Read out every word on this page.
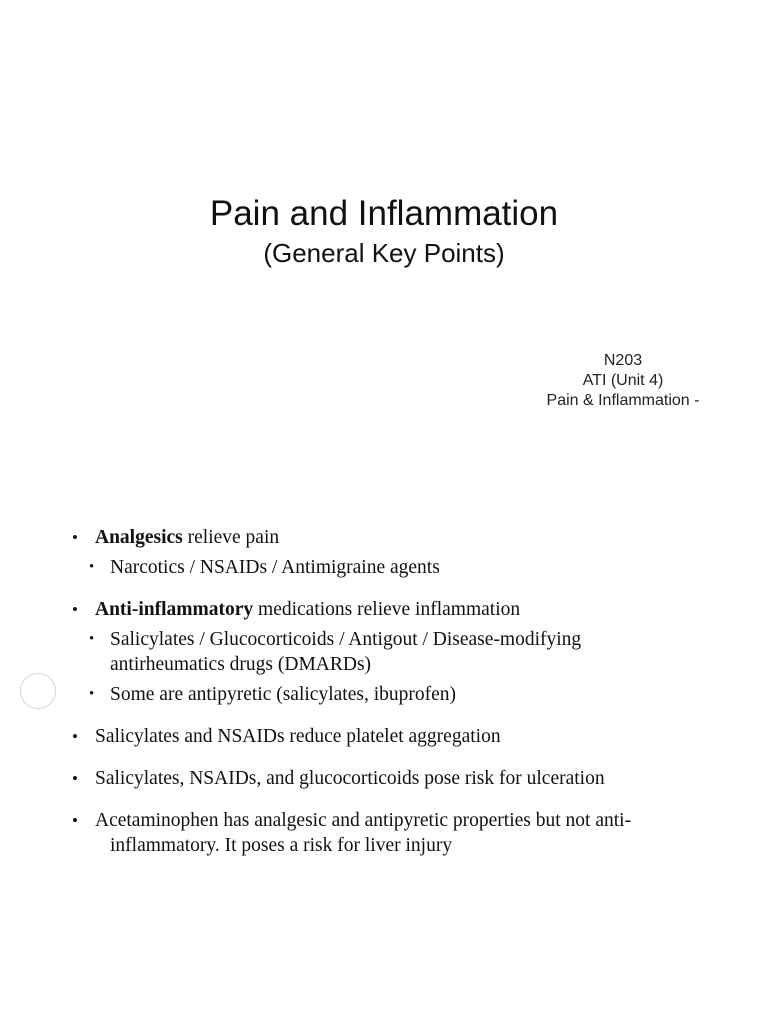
Pain and Inflammation
(General Key Points)
N203
ATI (Unit 4)
Pain & Inflammation -
• Analgesics relieve pain
• Narcotics / NSAIDs / Antimigraine agents
• Anti-inflammatory medications relieve inflammation
• Salicylates / Glucocorticoids / Antigout / Disease-modifying
antirheumatics drugs (DMARDs)
• Some are antipyretic (salicylates, ibuprofen)
• Salicylates and NSAIDs reduce platelet aggregation
• Salicylates, NSAIDs, and glucocorticoids pose risk for ulceration
• Acetaminophen has analgesic and antipyretic properties but not anti-
inflammatory. It poses a risk for liver injury
